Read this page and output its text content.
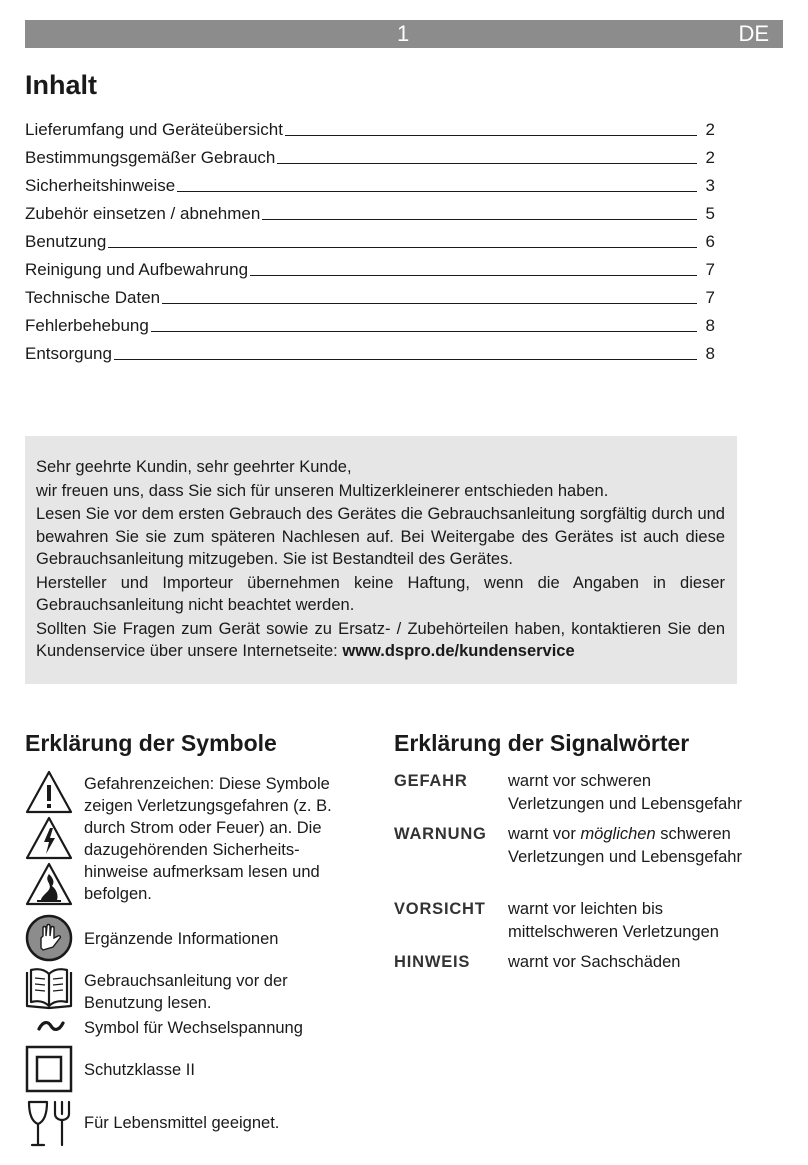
1	DE
Inhalt
Lieferumfang und Geräteübersicht	2
Bestimmungsgemäßer Gebrauch	2
Sicherheitshinweise	3
Zubehör einsetzen / abnehmen	5
Benutzung	6
Reinigung und Aufbewahrung	7
Technische Daten	7
Fehlerbehebung	8
Entsorgung	8

Sehr geehrte Kundin, sehr geehrter Kunde,

wir freuen uns, dass Sie sich für unseren Multizerkleinerer entschieden haben.

Lesen Sie vor dem ersten Gebrauch des Gerätes die Gebrauchsanleitung sorgfältig durch und bewahren Sie sie zum späteren Nachlesen auf. Bei Weitergabe des Gerätes ist auch diese Gebrauchsanleitung mitzugeben. Sie ist Bestandteil des Gerätes.

Hersteller und Importeur übernehmen keine Haftung, wenn die Angaben in dieser Gebrauchsanleitung nicht beachtet werden.

Sollten Sie Fragen zum Gerät sowie zu Ersatz- / Zubehörteilen haben, kontaktieren Sie den Kundenservice über unsere Internetseite: www.dspro.de/kundenservice

Erklärung der Symbole
Gefahrenzeichen: Diese Symbole zeigen Verletzungsgefahren (z. B. durch Strom oder Feuer) an. Die dazugehörenden Sicherheits-hinweise aufmerksam lesen und befolgen.
Ergänzende Informationen
Gebrauchsanleitung vor der Benutzung lesen.
Symbol für Wechselspannung
Schutzklasse II
Für Lebensmittel geeignet.
Erklärung der Signalwörter
GEFAHR warnt vor schweren Verletzungen und Lebensgefahr
WARNUNG warnt vor möglichen schweren Verletzungen und Lebensgefahr
VORSICHT warnt vor leichten bis mittelschweren Verletzungen
HINWEIS warnt vor Sachschäden
